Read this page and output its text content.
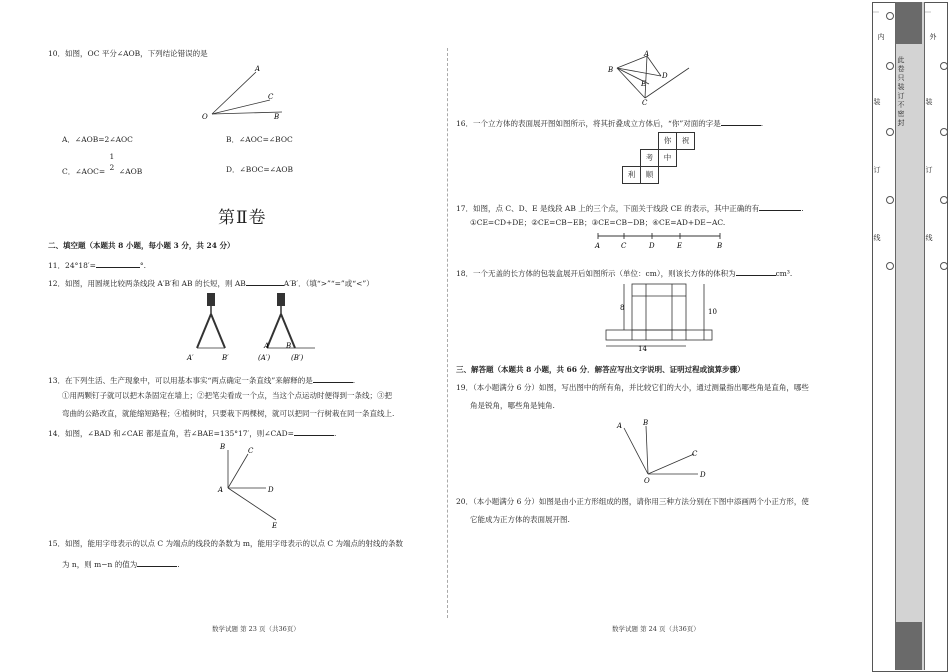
10．如图，OC 平分∠AOB，下列结论错误的是
A
C
O	B
A．∠AOB=2∠AOC	B．∠AOC=∠BOC
C．∠AOC=
1
2 ∠AOB	D．∠BOC=∠AOB
第Ⅱ卷
二、填空题（本题共 8 小题，每小题 3 分，共 24 分）
11．24°18′=	°.
12．如图，用圆规比较两条线段 A′B′和 AB 的长短，则 AB	A′B′．（填“>”“=”或“<”）
A′	B′
A B
(A′)	(B′)
13．在下列生活、生产现象中，可以用基本事实“两点确定一条直线”来解释的是	.
①用两颗钉子就可以把木条固定在墙上；②把笔尖看成一个点，当这个点运动时便得到一条线；③把
弯曲的公路改直，就能缩短路程；④植树时，只要栽下两棵树，就可以把同一行树栽在同一条直线上.
14．如图，∠BAD 和∠CAE 都是直角，若∠BAE=135°17′，则∠CAD=	.
B	C
A	D
E
15．如图，能用字母表示的以点 C 为端点的线段的条数为 m，能用字母表示的以点 C 为端点的射线的条数
为 n，则 m−n 的值为	.
数学试题 第 23 页（共36页）
A
B
E
D
C
16．一个立方体的表面展开图如图所示，将其折叠成立方体后，“你”对面的字是	.
你	祝
考	中
利	顺
17．如图，点 C、D、E 是线段 AB 上的三个点，下面关于线段 CE 的表示，其中正确的有	.
①CE=CD+DE；②CE=CB−EB；③CE=CB−DB；④CE=AD+DE−AC.
A	C	D	E	B
18．一个无盖的长方体的包装盒展开后如图所示（单位：cm），则该长方体的体积为	cm³.
8	10
14
三、解答题（本题共 8 小题，共 66 分．解答应写出文字说明、证明过程或演算步骤）
19．（本小题满分 6 分）如图，写出图中的所有角，并比较它们的大小，通过测量指出哪些角是直角，哪些
角是锐角，哪些角是钝角.
A	B
C
O
D
20．（本小题满分 6 分）如图是由小正方形组成的图，请你用三种方法分别在下图中添画两个小正方形，使
它能成为正方体的表面展开图.
数学试题 第 24 页（共36页）
内	外
⋯	⋯
装
订
线
装
订
线
此卷只装订不密封
